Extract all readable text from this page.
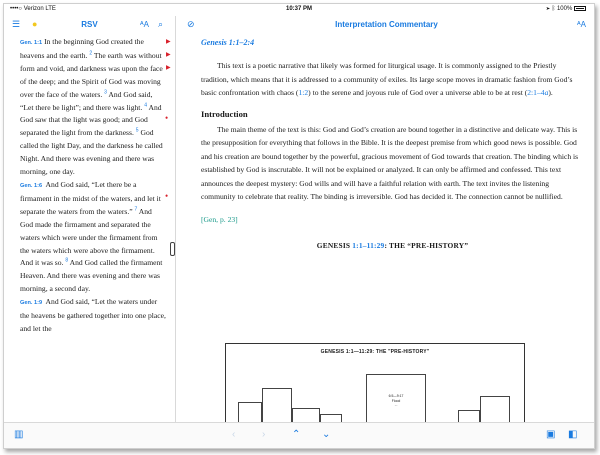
••••○ Verizon LTE	10:37 PM	➤ ᛒ 100%
☰ ●	RSV	ᴬA ⌕

Gen. 1:1 In the beginning God created the heavens and the earth. $^2$ The earth was without form and void, and darkness was upon the face of the deep; and the Spirit of God was moving over the face of the waters. $^3$ And God said, “Let there be light”; and there was light. $^4$ And God saw that the light was good; and God separated the light from the darkness. $^5$ God called the light Day, and the darkness he called Night. And there was evening and there was morning, one day.

Gen. 1:6 And God said, “Let there be a firmament in the midst of the waters, and let it separate the waters from the waters.” $^7$ And God made the firmament and separated the waters which were under the firmament from the waters which were above the firmament. And it was so. $^8$ And God called the firmament Heaven. And there was evening and there was morning, a second day.

Gen. 1:9 And God said, “Let the waters under the heavens be gathered together into one place, and let the

▶
▶
▶
•
•
⊘	Interpretation Commentary	ᴬA
Genesis 1:1–2:4

This text is a poetic narrative that likely was formed for liturgical usage. It is commonly assigned to the Priestly tradition, which means that it is addressed to a community of exiles. Its large scope moves in dramatic fashion from God’s basic confrontation with chaos (1:2) to the serene and joyous rule of God over a universe able to be at rest (2:1–4a).

Introduction

The main theme of the text is this: God and God’s creation are bound together in a distinctive and delicate way. This is the presupposition for everything that follows in the Bible. It is the deepest premise from which good news is possible. God and his creation are bound together by the powerful, gracious movement of God towards that creation. The binding which is established by God is inscrutable. It will not be explained or analyzed. It can only be affirmed and confessed. This text announces the deepest mystery: God wills and will have a faithful relation with earth. The text invites the listening community to celebrate that reality. The binding is irreversible. God has decided it. The connection cannot be nullified.

[Gen, p. 23]
GENESIS 1:1–11:29: THE “PRE-HISTORY”
GENESIS 1:1—11:29: THE "PRE-HISTORY"
6:5—9:17
Flood
...
▥	‹	›	⌃ ⌄	▣ ◧
